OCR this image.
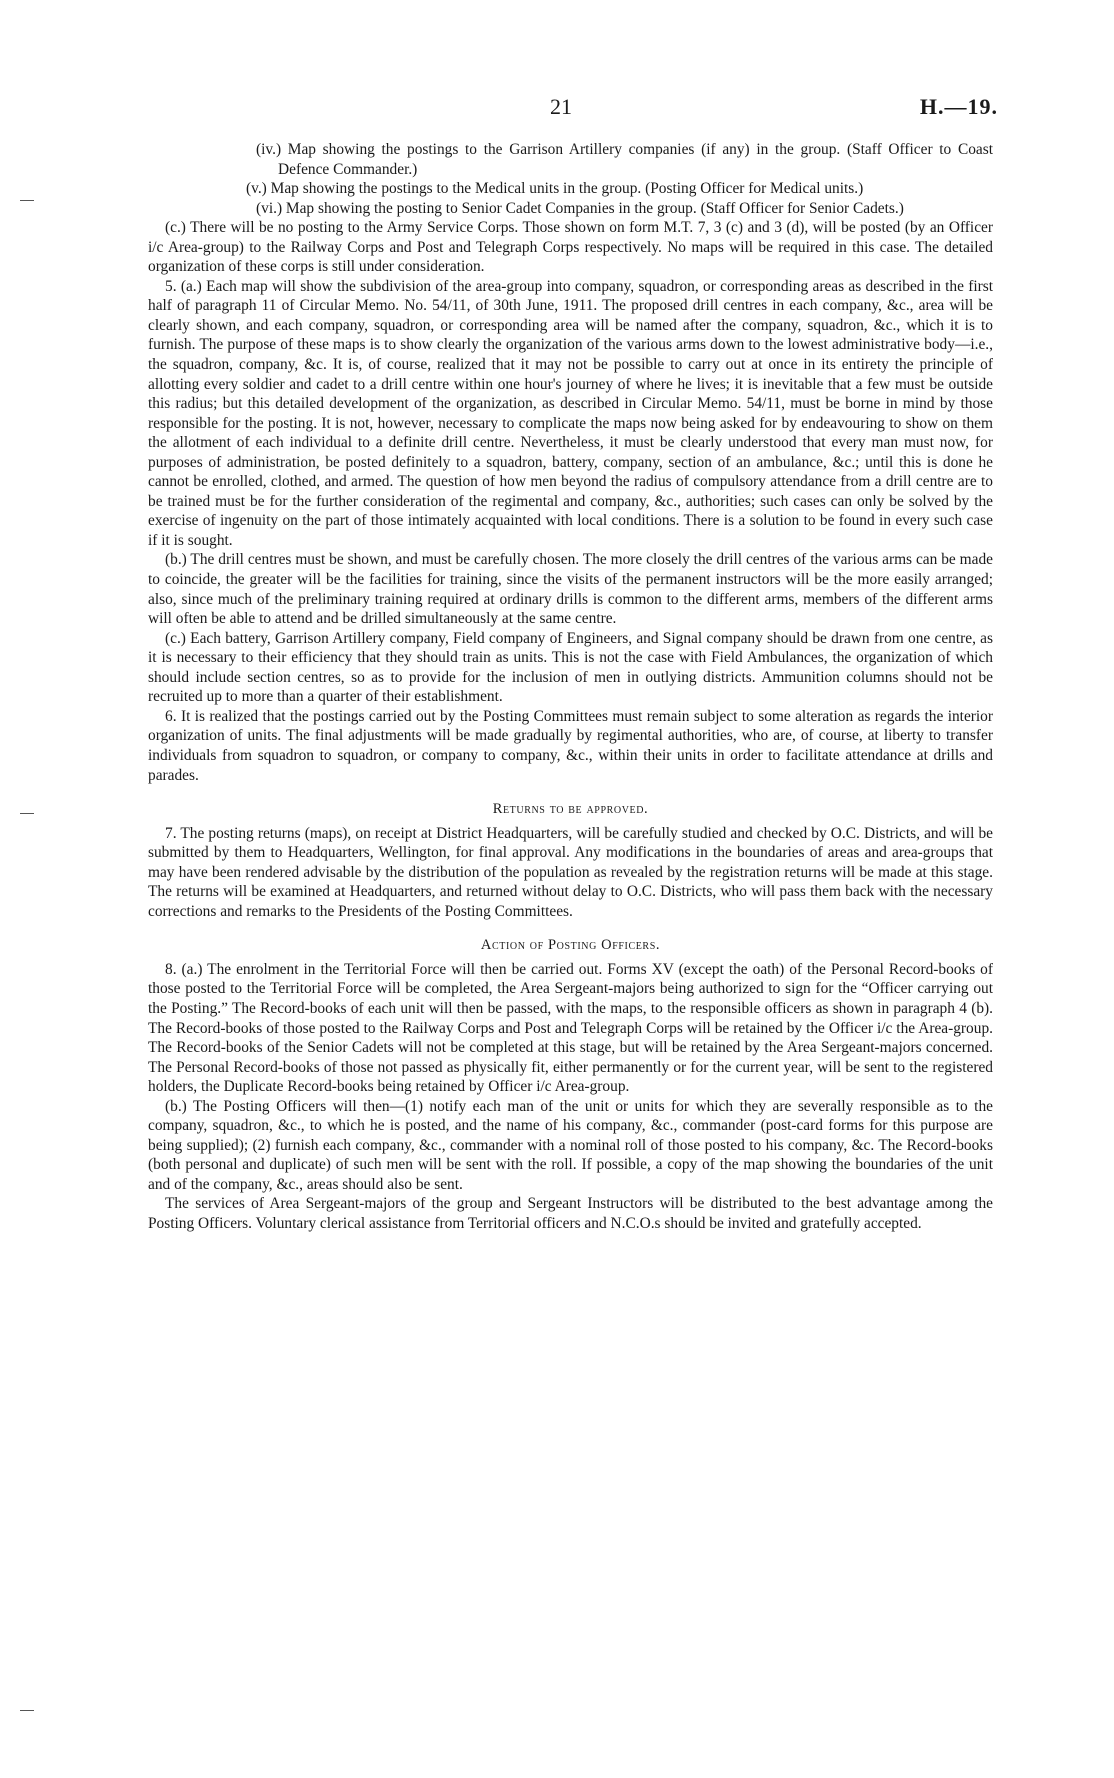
21	H.—19.

(iv.) Map showing the postings to the Garrison Artillery companies (if any) in the group. (Staff Officer to Coast Defence Commander.)

(v.) Map showing the postings to the Medical units in the group. (Posting Officer for Medical units.)

(vi.) Map showing the posting to Senior Cadet Companies in the group. (Staff Officer for Senior Cadets.)

(c.) There will be no posting to the Army Service Corps. Those shown on form M.T. 7, 3 (c) and 3 (d), will be posted (by an Officer i/c Area-group) to the Railway Corps and Post and Telegraph Corps respectively. No maps will be required in this case. The detailed organization of these corps is still under consideration.

5. (a.) Each map will show the subdivision of the area-group into company, squadron, or corresponding areas as described in the first half of paragraph 11 of Circular Memo. No. 54/11, of 30th June, 1911. The proposed drill centres in each company, &c., area will be clearly shown, and each company, squadron, or corresponding area will be named after the company, squadron, &c., which it is to furnish. The purpose of these maps is to show clearly the organization of the various arms down to the lowest administrative body—i.e., the squadron, company, &c. It is, of course, realized that it may not be possible to carry out at once in its entirety the principle of allotting every soldier and cadet to a drill centre within one hour's journey of where he lives; it is inevitable that a few must be outside this radius; but this detailed development of the organization, as described in Circular Memo. 54/11, must be borne in mind by those responsible for the posting. It is not, however, necessary to complicate the maps now being asked for by endeavouring to show on them the allotment of each individual to a definite drill centre. Nevertheless, it must be clearly understood that every man must now, for purposes of administration, be posted definitely to a squadron, battery, company, section of an ambulance, &c.; until this is done he cannot be enrolled, clothed, and armed. The question of how men beyond the radius of compulsory attendance from a drill centre are to be trained must be for the further consideration of the regimental and company, &c., authorities; such cases can only be solved by the exercise of ingenuity on the part of those intimately acquainted with local conditions. There is a solution to be found in every such case if it is sought.

(b.) The drill centres must be shown, and must be carefully chosen. The more closely the drill centres of the various arms can be made to coincide, the greater will be the facilities for training, since the visits of the permanent instructors will be the more easily arranged; also, since much of the preliminary training required at ordinary drills is common to the different arms, members of the different arms will often be able to attend and be drilled simultaneously at the same centre.

(c.) Each battery, Garrison Artillery company, Field company of Engineers, and Signal company should be drawn from one centre, as it is necessary to their efficiency that they should train as units. This is not the case with Field Ambulances, the organization of which should include section centres, so as to provide for the inclusion of men in outlying districts. Ammunition columns should not be recruited up to more than a quarter of their establishment.

6. It is realized that the postings carried out by the Posting Committees must remain subject to some alteration as regards the interior organization of units. The final adjustments will be made gradually by regimental authorities, who are, of course, at liberty to transfer individuals from squadron to squadron, or company to company, &c., within their units in order to facilitate attendance at drills and parades.

Returns to be approved.

7. The posting returns (maps), on receipt at District Headquarters, will be carefully studied and checked by O.C. Districts, and will be submitted by them to Headquarters, Wellington, for final approval. Any modifications in the boundaries of areas and area-groups that may have been rendered advisable by the distribution of the population as revealed by the registration returns will be made at this stage. The returns will be examined at Headquarters, and returned without delay to O.C. Districts, who will pass them back with the necessary corrections and remarks to the Presidents of the Posting Committees.

Action of Posting Officers.

8. (a.) The enrolment in the Territorial Force will then be carried out. Forms XV (except the oath) of the Personal Record-books of those posted to the Territorial Force will be completed, the Area Sergeant-majors being authorized to sign for the “Officer carrying out the Posting.” The Record-books of each unit will then be passed, with the maps, to the responsible officers as shown in paragraph 4 (b). The Record-books of those posted to the Railway Corps and Post and Telegraph Corps will be retained by the Officer i/c the Area-group. The Record-books of the Senior Cadets will not be completed at this stage, but will be retained by the Area Sergeant-majors concerned. The Personal Record-books of those not passed as physically fit, either permanently or for the current year, will be sent to the registered holders, the Duplicate Record-books being retained by Officer i/c Area-group.

(b.) The Posting Officers will then—(1) notify each man of the unit or units for which they are severally responsible as to the company, squadron, &c., to which he is posted, and the name of his company, &c., commander (post-card forms for this purpose are being supplied); (2) furnish each company, &c., commander with a nominal roll of those posted to his company, &c. The Record-books (both personal and duplicate) of such men will be sent with the roll. If possible, a copy of the map showing the boundaries of the unit and of the company, &c., areas should also be sent.

The services of Area Sergeant-majors of the group and Sergeant Instructors will be distributed to the best advantage among the Posting Officers. Voluntary clerical assistance from Territorial officers and N.C.O.s should be invited and gratefully accepted.
